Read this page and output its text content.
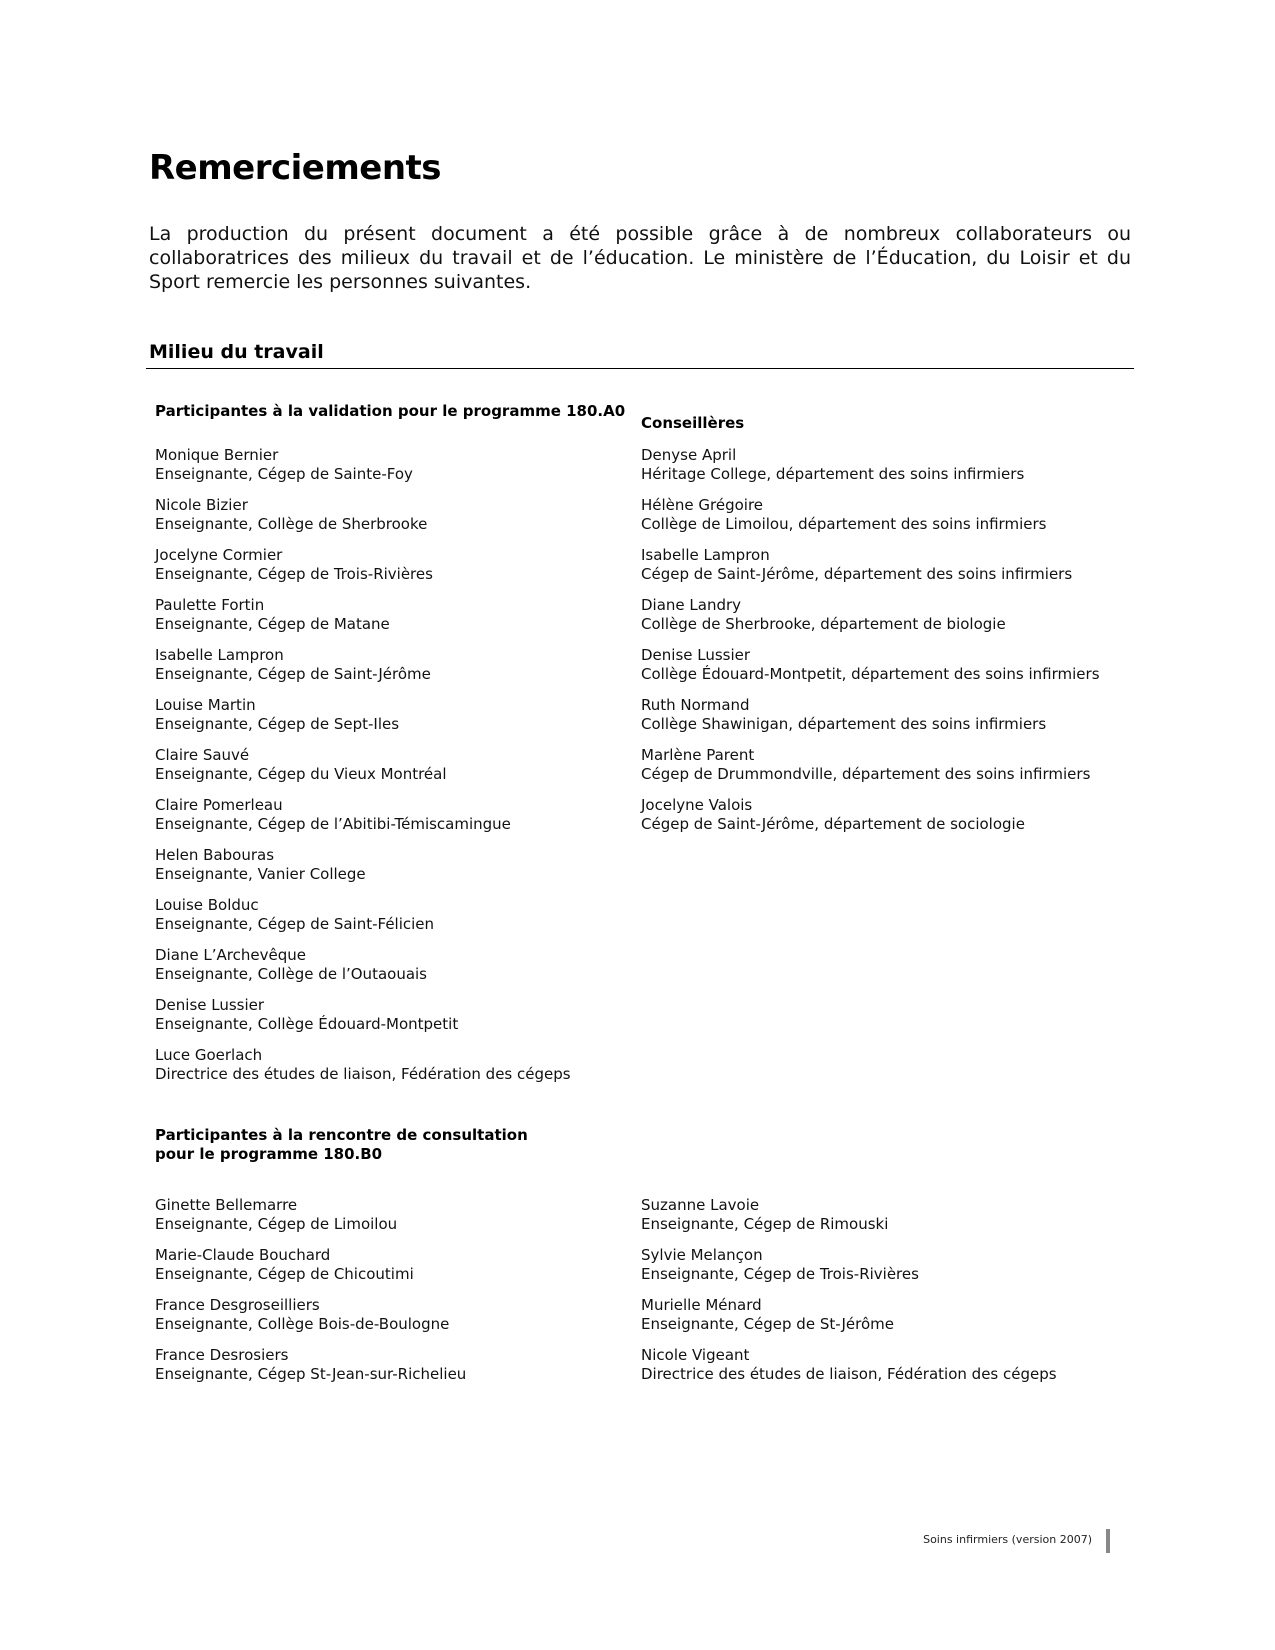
Remerciements

La production du présent document a été possible grâce à de nombreux collaborateurs ou collaboratrices des milieux du travail et de l’éducation. Le ministère de l’Éducation, du Loisir et du Sport remercie les personnes suivantes.

Milieu du travail
Participantes à la validation pour le programme 180.A0
Monique Bernier
Enseignante, Cégep de Sainte-Foy
Nicole Bizier
Enseignante, Collège de Sherbrooke
Jocelyne Cormier
Enseignante, Cégep de Trois-Rivières
Paulette Fortin
Enseignante, Cégep de Matane
Isabelle Lampron
Enseignante, Cégep de Saint-Jérôme
Louise Martin
Enseignante, Cégep de Sept-Iles
Claire Sauvé
Enseignante, Cégep du Vieux Montréal
Claire Pomerleau
Enseignante, Cégep de l’Abitibi-Témiscamingue
Helen Babouras
Enseignante, Vanier College
Louise Bolduc
Enseignante, Cégep de Saint-Félicien
Diane L’Archevêque
Enseignante, Collège de l’Outaouais
Denise Lussier
Enseignante, Collège Édouard-Montpetit
Luce Goerlach
Directrice des études de liaison, Fédération des cégeps
Conseillères
Denyse April
Héritage College, département des soins infirmiers
Hélène Grégoire
Collège de Limoilou, département des soins infirmiers
Isabelle Lampron
Cégep de Saint-Jérôme, département des soins infirmiers
Diane Landry
Collège de Sherbrooke, département de biologie
Denise Lussier
Collège Édouard-Montpetit, département des soins infirmiers
Ruth Normand
Collège Shawinigan, département des soins infirmiers
Marlène Parent
Cégep de Drummondville, département des soins infirmiers
Jocelyne Valois
Cégep de Saint-Jérôme, département de sociologie
Participantes à la rencontre de consultation
pour le programme 180.B0
Ginette Bellemarre
Enseignante, Cégep de Limoilou
Marie-Claude Bouchard
Enseignante, Cégep de Chicoutimi
France Desgroseilliers
Enseignante, Collège Bois-de-Boulogne
France Desrosiers
Enseignante, Cégep St-Jean-sur-Richelieu
Suzanne Lavoie
Enseignante, Cégep de Rimouski
Sylvie Melançon
Enseignante, Cégep de Trois-Rivières
Murielle Ménard
Enseignante, Cégep de St-Jérôme
Nicole Vigeant
Directrice des études de liaison, Fédération des cégeps
Soins infirmiers (version 2007)
